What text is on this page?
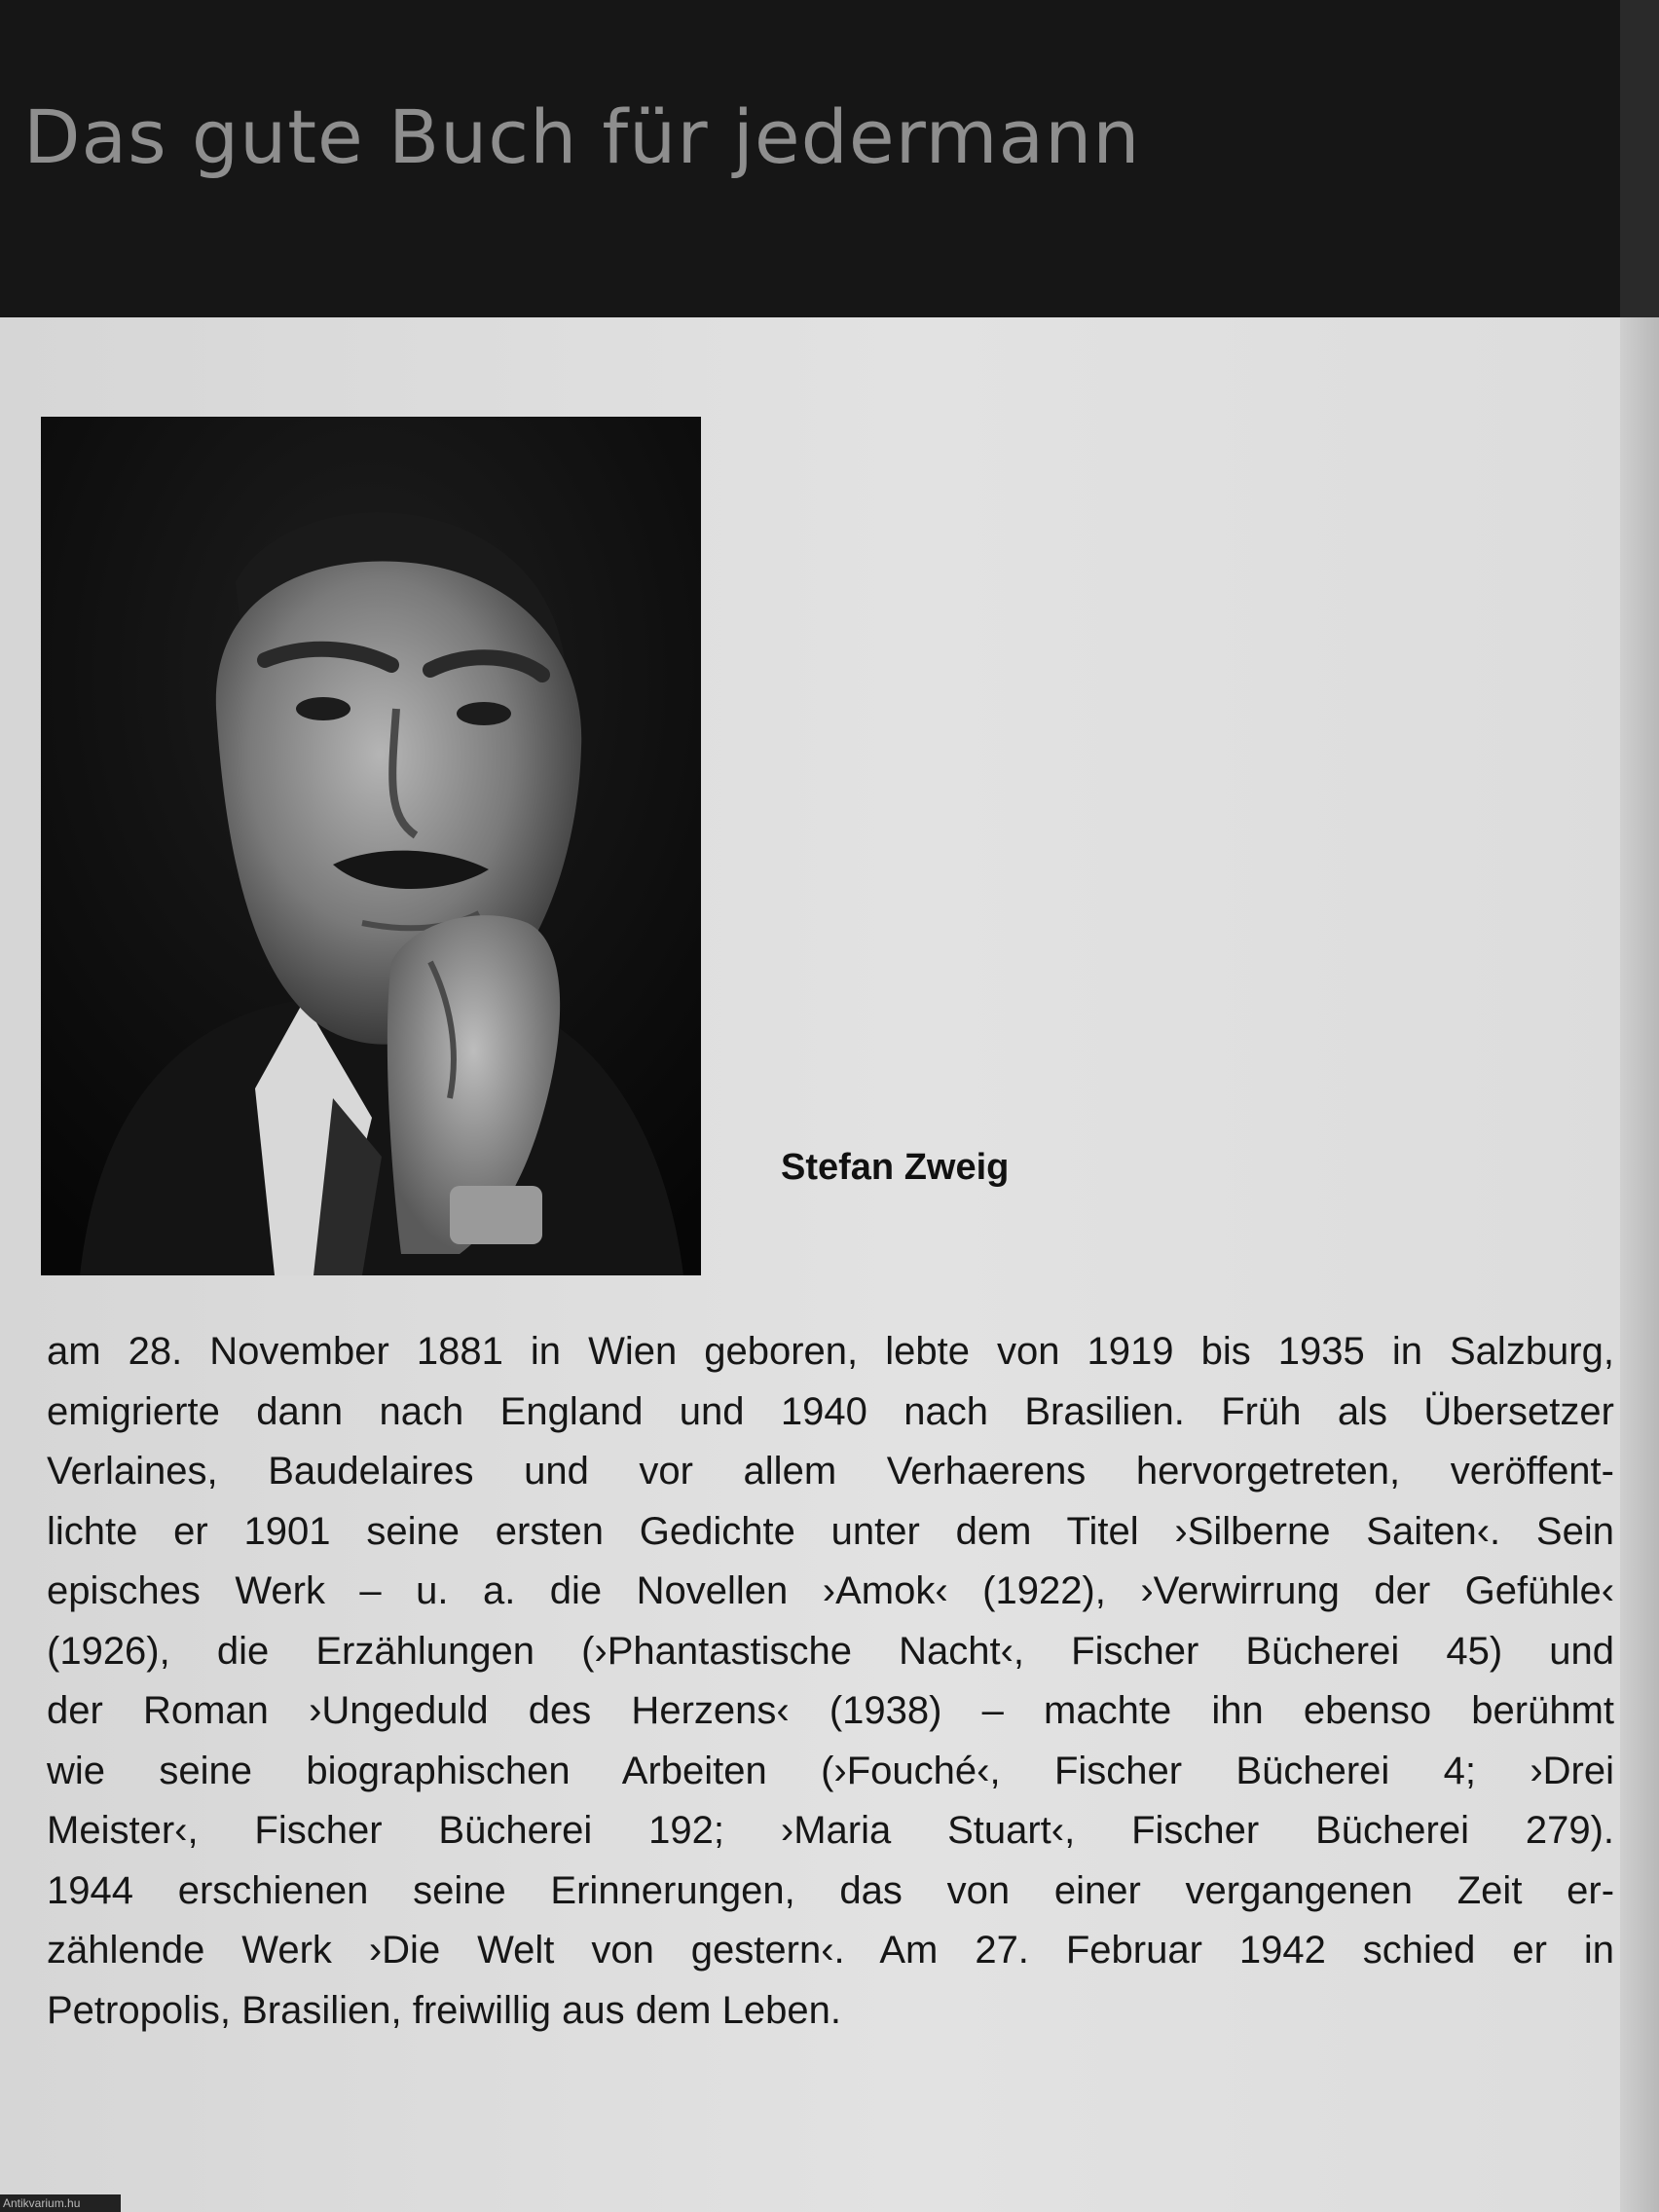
Das gute Buch für jedermann
Stefan Zweig
am 28. November 1881 in Wien geboren, lebte von 1919 bis 1935 in Salzburg,
emigrierte dann nach England und 1940 nach Brasilien. Früh als Übersetzer
Verlaines, Baudelaires und vor allem Verhaerens hervorgetreten, veröffent-
lichte er 1901 seine ersten Gedichte unter dem Titel ›Silberne Saiten‹. Sein
episches Werk – u. a. die Novellen ›Amok‹ (1922), ›Verwirrung der Gefühle‹
(1926), die Erzählungen (›Phantastische Nacht‹, Fischer Bücherei 45) und
der Roman ›Ungeduld des Herzens‹ (1938) – machte ihn ebenso berühmt
wie seine biographischen Arbeiten (›Fouché‹, Fischer Bücherei 4; ›Drei
Meister‹, Fischer Bücherei 192; ›Maria Stuart‹, Fischer Bücherei 279).
1944 erschienen seine Erinnerungen, das von einer vergangenen Zeit er-
zählende Werk ›Die Welt von gestern‹. Am 27. Februar 1942 schied er in
Petropolis, Brasilien, freiwillig aus dem Leben.
Antikvarium.hu
